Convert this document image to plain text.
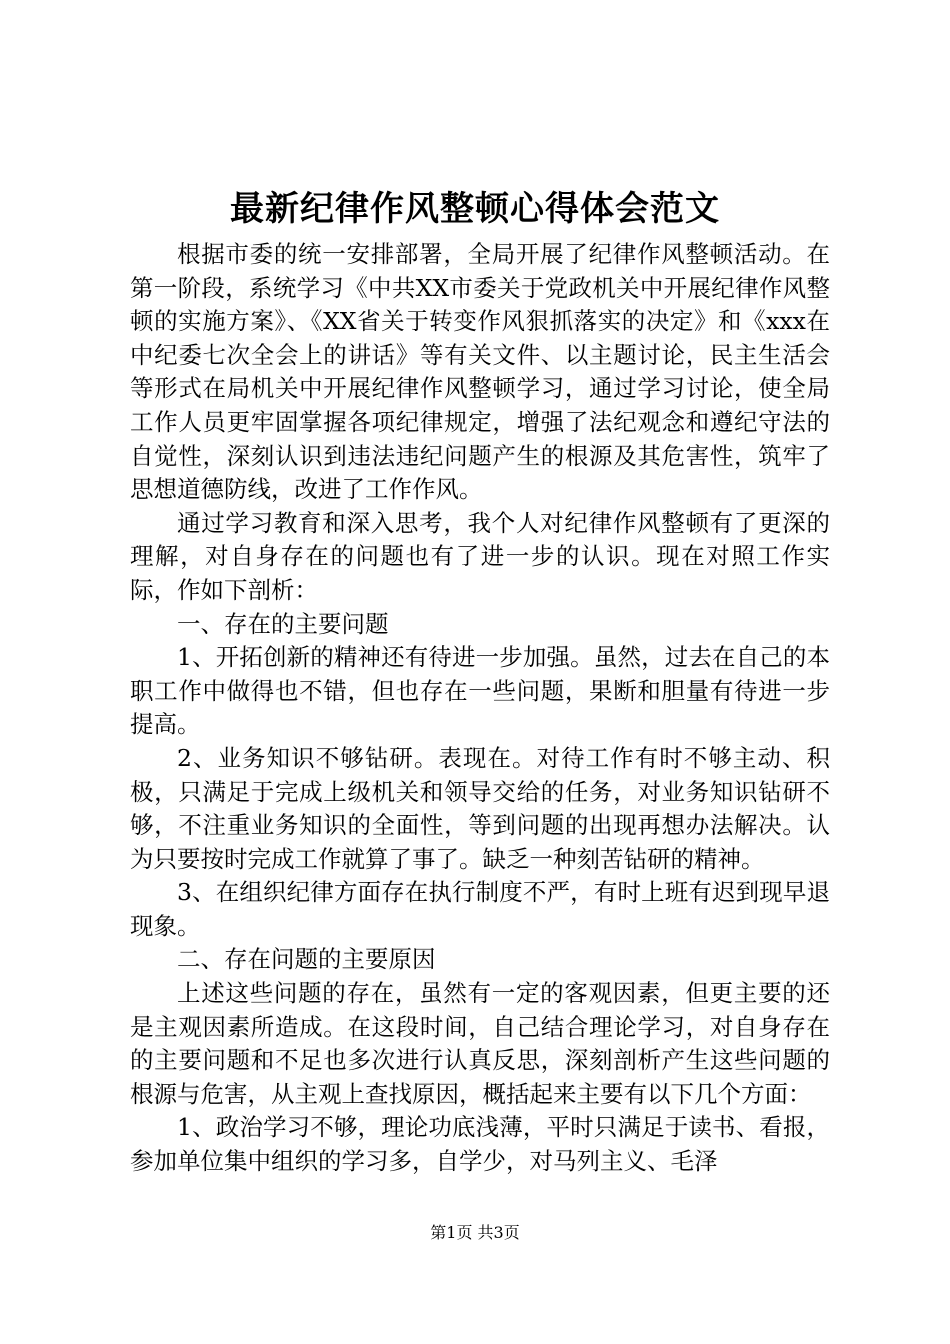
最新纪律作风整顿心得体会范文

根据市委的统一安排部署，全局开展了纪律作风整顿活动。在第一阶段，系统学习《中共XX市委关于党政机关中开展纪律作风整顿的实施方案》、《XX省关于转变作风狠抓落实的决定》和《xxx在中纪委七次全会上的讲话》等有关文件、以主题讨论，民主生活会等形式在局机关中开展纪律作风整顿学习，通过学习讨论，使全局工作人员更牢固掌握各项纪律规定，增强了法纪观念和遵纪守法的自觉性，深刻认识到违法违纪问题产生的根源及其危害性，筑牢了思想道德防线，改进了工作作风。

通过学习教育和深入思考，我个人对纪律作风整顿有了更深的理解，对自身存在的问题也有了进一步的认识。现在对照工作实际，作如下剖析：

一、存在的主要问题

1、开拓创新的精神还有待进一步加强。虽然，过去在自己的本职工作中做得也不错，但也存在一些问题，果断和胆量有待进一步提高。

2、业务知识不够钻研。表现在。对待工作有时不够主动、积极，只满足于完成上级机关和领导交给的任务，对业务知识钻研不够，不注重业务知识的全面性，等到问题的出现再想办法解决。认为只要按时完成工作就算了事了。缺乏一种刻苦钻研的精神。

3、在组织纪律方面存在执行制度不严，有时上班有迟到现早退现象。

二、存在问题的主要原因

上述这些问题的存在，虽然有一定的客观因素，但更主要的还是主观因素所造成。在这段时间，自己结合理论学习，对自身存在的主要问题和不足也多次进行认真反思，深刻剖析产生这些问题的根源与危害，从主观上查找原因，概括起来主要有以下几个方面：

1、政治学习不够，理论功底浅薄，平时只满足于读书、看报，参加单位集中组织的学习多，自学少，对马列主义、毛泽

第1页 共3页
